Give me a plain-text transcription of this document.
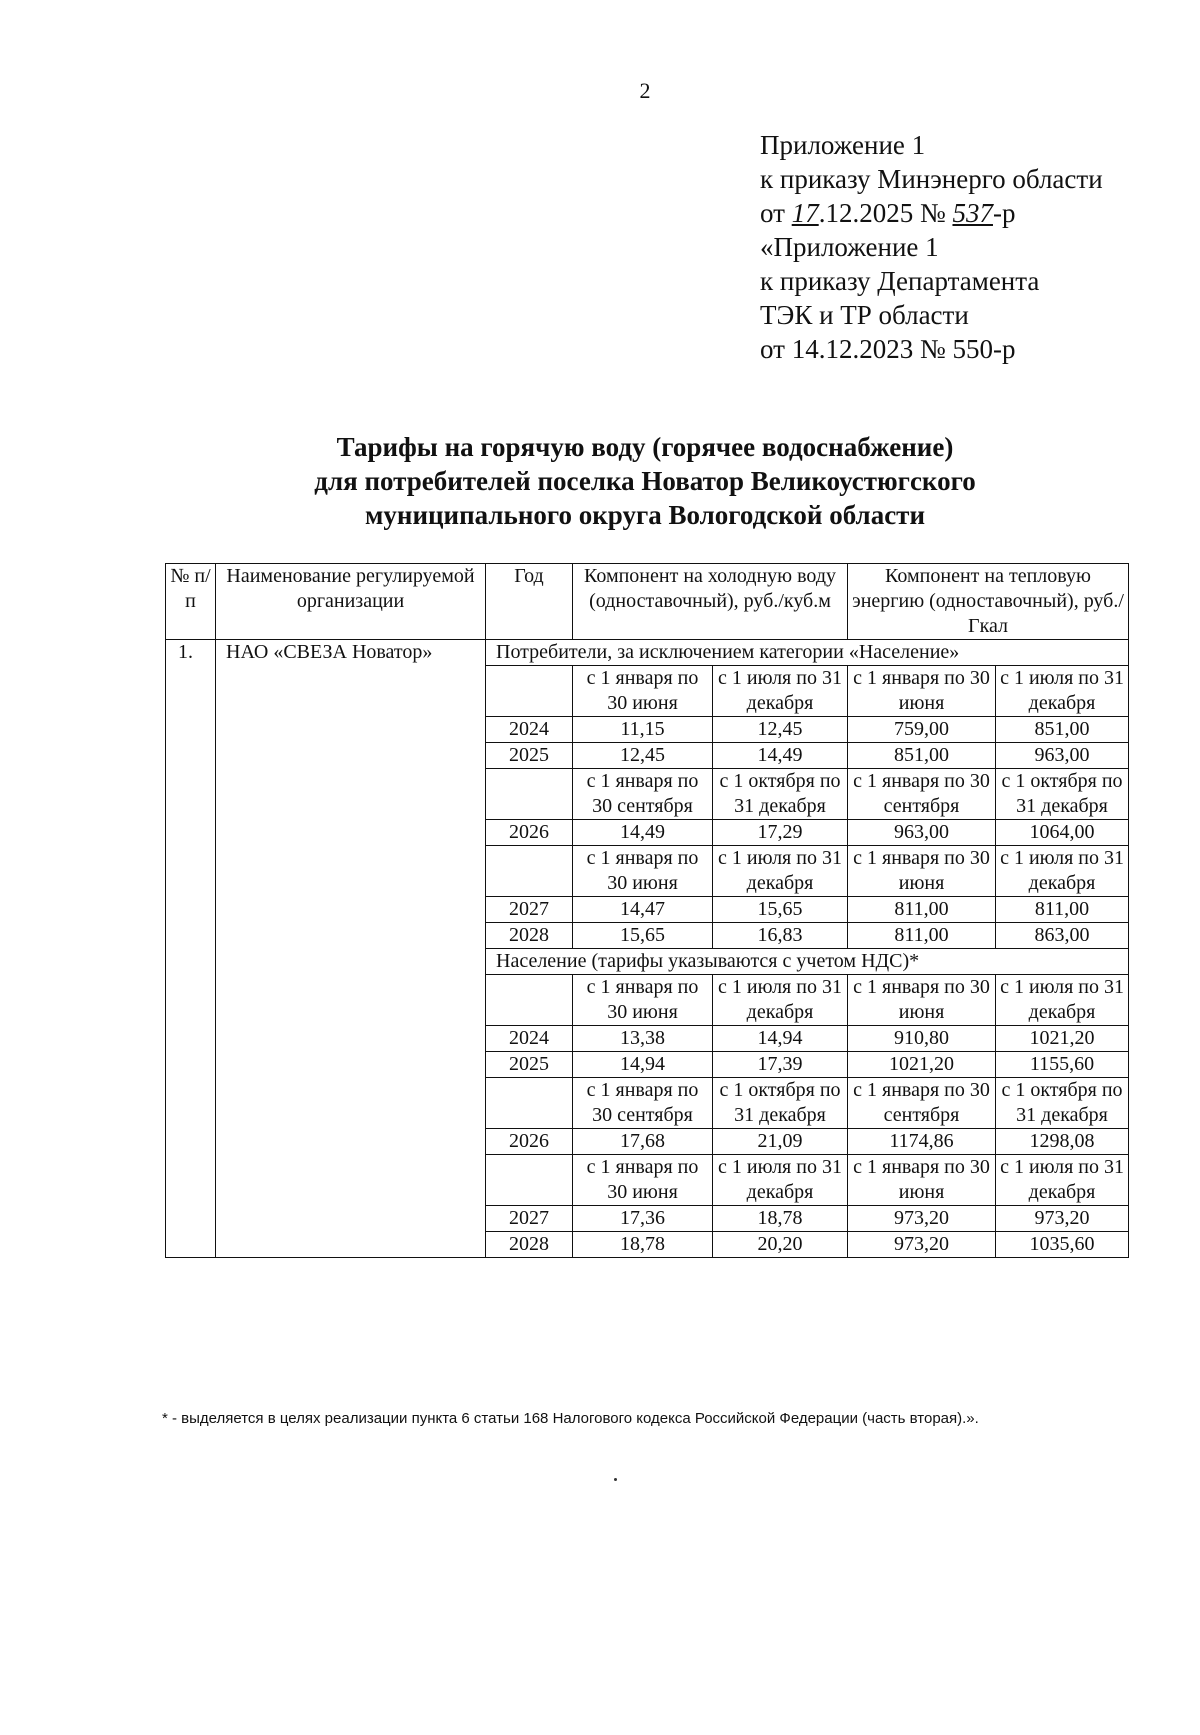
2
Приложение 1
к приказу Минэнерго области
от 17.12.2025 № 537-р
«Приложение 1
к приказу Департамента
ТЭК и ТР области
от 14.12.2023 № 550-р
Тарифы на горячую воду (горячее водоснабжение)
для потребителей поселка Новатор Великоустюгского
муниципального округа Вологодской области
№ п/п	Наименование регулируемой организации	Год	Компонент на холодную воду (одноставочный), руб./куб.м		Компонент на тепловую энергию (одноставочный), руб./Гкал	
1.	НАО «СВЕЗА Новатор»	Потребители, за исключением категории «Население»				
			с 1 января по 30 июня	с 1 июля по 31 декабря	с 1 января по 30 июня	с 1 июля по 31 декабря
		2024	11,15	12,45	759,00	851,00
		2025	12,45	14,49	851,00	963,00
			с 1 января по 30 сентября	с 1 октября по 31 декабря	с 1 января по 30 сентября	с 1 октября по 31 декабря
		2026	14,49	17,29	963,00	1064,00
			с 1 января по 30 июня	с 1 июля по 31 декабря	с 1 января по 30 июня	с 1 июля по 31 декабря
		2027	14,47	15,65	811,00	811,00
		2028	15,65	16,83	811,00	863,00
		Население (тарифы указываются с учетом НДС)*				
			с 1 января по 30 июня	с 1 июля по 31 декабря	с 1 января по 30 июня	с 1 июля по 31 декабря
		2024	13,38	14,94	910,80	1021,20
		2025	14,94	17,39	1021,20	1155,60
			с 1 января по 30 сентября	с 1 октября по 31 декабря	с 1 января по 30 сентября	с 1 октября по 31 декабря
		2026	17,68	21,09	1174,86	1298,08
			с 1 января по 30 июня	с 1 июля по 31 декабря	с 1 января по 30 июня	с 1 июля по 31 декабря
		2027	17,36	18,78	973,20	973,20
		2028	18,78	20,20	973,20	1035,60
* - выделяется в целях реализации пункта 6 статьи 168 Налогового кодекса Российской Федерации (часть вторая).».
